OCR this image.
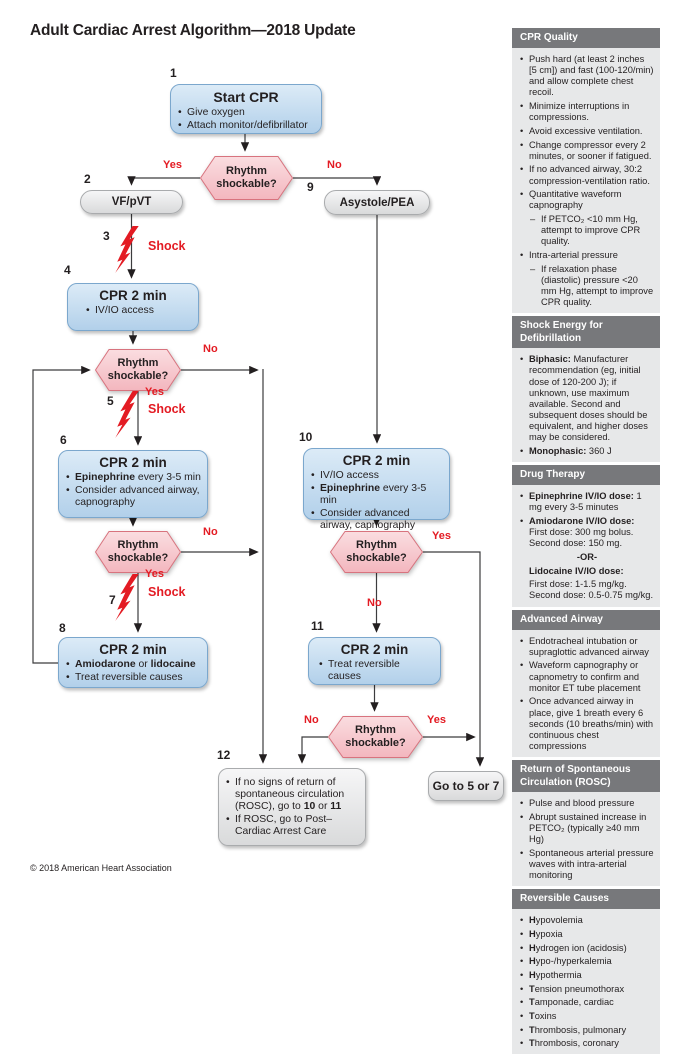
Adult Cardiac Arrest Algorithm—2018 Update
1
2
3
4
5
6
7
8
9
10
11
12
Yes	No
No
Yes
No
Yes
Yes
No
No	Yes
Shock
Shock
Shock
Start CPR
• Give oxygen
• Attach monitor/defibrillator
VF/pVT	Asystole/PEA
CPR 2 min
• IV/IO access
CPR 2 min
• Epinephrine every 3-5 min
• Consider advanced airway, capnography
CPR 2 min
• Amiodarone or lidocaine
• Treat reversible causes
CPR 2 min
• IV/IO access
• Epinephrine every 3-5 min
• Consider advanced airway, capnography
CPR 2 min
• Treat reversible causes
• If no signs of return of spontaneous circulation (ROSC), go to 10 or 11
• If ROSC, go to Post–Cardiac Arrest Care
Go to 5 or 7
Rhythm shockable?
Rhythm shockable?
Rhythm shockable?
Rhythm shockable?
Rhythm shockable?
CPR Quality
• Push hard (at least 2 inches [5 cm]) and fast (100-120/min) and allow complete chest recoil.
• Minimize interruptions in compressions.
• Avoid excessive ventilation.
• Change compressor every 2 minutes, or sooner if fatigued.
• If no advanced airway, 30:2 compression-ventilation ratio.
• Quantitative waveform capnography
– If PETCO₂ <10 mm Hg, attempt to improve CPR quality.
• Intra-arterial pressure
– If relaxation phase (diastolic) pressure <20 mm Hg, attempt to improve CPR quality.
Shock Energy for Defibrillation
• Biphasic: Manufacturer recommendation (eg, initial dose of 120-200 J); if unknown, use maximum available. Second and subsequent doses should be equivalent, and higher doses may be considered.
• Monophasic: 360 J
Drug Therapy
• Epinephrine IV/IO dose: 1 mg every 3-5 minutes
• Amiodarone IV/IO dose: First dose: 300 mg bolus. Second dose: 150 mg.
-OR-
Lidocaine IV/IO dose:
First dose: 1-1.5 mg/kg. Second dose: 0.5-0.75 mg/kg.
Advanced Airway
• Endotracheal intubation or supraglottic advanced airway
• Waveform capnography or capnometry to confirm and monitor ET tube placement
• Once advanced airway in place, give 1 breath every 6 seconds (10 breaths/min) with continuous chest compressions
Return of Spontaneous Circulation (ROSC)
• Pulse and blood pressure
• Abrupt sustained increase in PETCO₂ (typically ≥40 mm Hg)
• Spontaneous arterial pressure waves with intra-arterial monitoring
Reversible Causes
• Hypovolemia
• Hypoxia
• Hydrogen ion (acidosis)
• Hypo-/hyperkalemia
• Hypothermia
• Tension pneumothorax
• Tamponade, cardiac
• Toxins
• Thrombosis, pulmonary
• Thrombosis, coronary
© 2018 American Heart Association
